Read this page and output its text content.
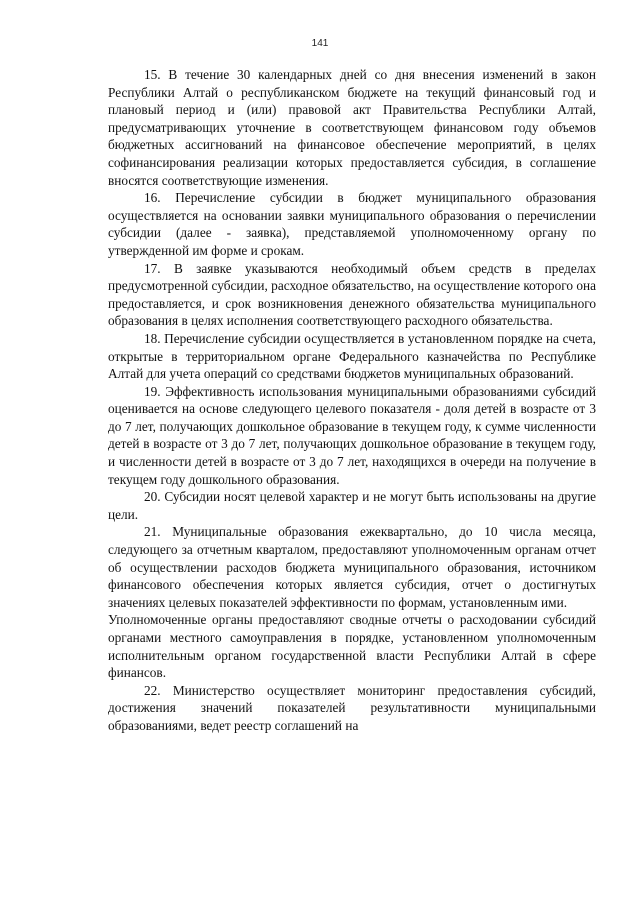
141

15. В течение 30 календарных дней со дня внесения изменений в закон Республики Алтай о республиканском бюджете на текущий финансовый год и плановый период и (или) правовой акт Правительства Республики Алтай, предусматривающих уточнение в соответствующем финансовом году объемов бюджетных ассигнований на финансовое обеспечение мероприятий, в целях софинансирования реализации которых предоставляется субсидия, в соглашение вносятся соответствующие изменения.

16. Перечисление субсидии в бюджет муниципального образования осуществляется на основании заявки муниципального образования о перечислении субсидии (далее - заявка), представляемой уполномоченному органу по утвержденной им форме и срокам.

17. В заявке указываются необходимый объем средств в пределах предусмотренной субсидии, расходное обязательство, на осуществление которого она предоставляется, и срок возникновения денежного обязательства муниципального образования в целях исполнения соответствующего расходного обязательства.

18. Перечисление субсидии осуществляется в установленном порядке на счета, открытые в территориальном органе Федерального казначейства по Республике Алтай для учета операций со средствами бюджетов муниципальных образований.

19. Эффективность использования муниципальными образованиями субсидий оценивается на основе следующего целевого показателя - доля детей в возрасте от 3 до 7 лет, получающих дошкольное образование в текущем году, к сумме численности детей в возрасте от 3 до 7 лет, получающих дошкольное образование в текущем году, и численности детей в возрасте от 3 до 7 лет, находящихся в очереди на получение в текущем году дошкольного образования.

20. Субсидии носят целевой характер и не могут быть использованы на другие цели.

21. Муниципальные образования ежеквартально, до 10 числа месяца, следующего за отчетным кварталом, предоставляют уполномоченным органам отчет об осуществлении расходов бюджета муниципального образования, источником финансового обеспечения которых является субсидия, отчет о достигнутых значениях целевых показателей эффективности по формам, установленным ими.

Уполномоченные органы предоставляют сводные отчеты о расходовании субсидий органами местного самоуправления в порядке, установленном уполномоченным исполнительным органом государственной власти Республики Алтай в сфере финансов.

22. Министерство осуществляет мониторинг предоставления субсидий, достижения значений показателей результативности муниципальными образованиями, ведет реестр соглашений на
